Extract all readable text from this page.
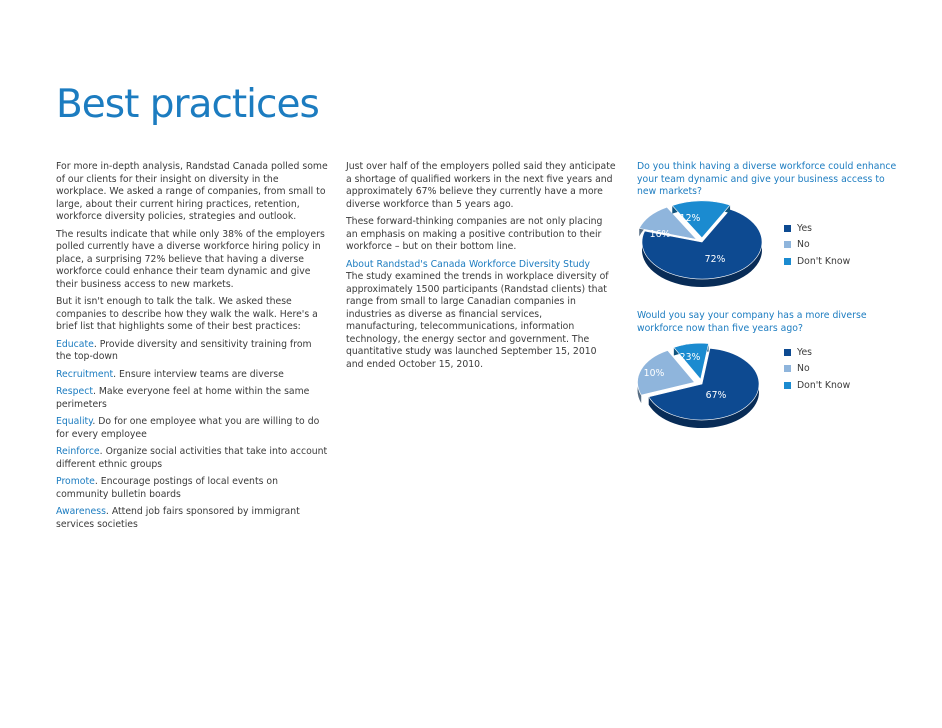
Best practices

For more in-depth analysis, Randstad Canada polled some of our clients for their insight on diversity in the workplace. We asked a range of companies, from small to large, about their current hiring practices, retention, workforce diversity policies, strategies and outlook.

The results indicate that while only 38% of the employers polled currently have a diverse workforce hiring policy in place, a surprising 72% believe that having a diverse workforce could enhance their team dynamic and give their business access to new markets.

But it isn't enough to talk the talk. We asked these companies to describe how they walk the walk. Here's a brief list that highlights some of their best practices:

Educate. Provide diversity and sensitivity training from the top-down

Recruitment. Ensure interview teams are diverse

Respect. Make everyone feel at home within the same perimeters

Equality. Do for one employee what you are willing to do for every employee

Reinforce. Organize social activities that take into account different ethnic groups

Promote. Encourage postings of local events on community bulletin boards

Awareness. Attend job fairs sponsored by immigrant services societies

Just over half of the employers polled said they anticipate a shortage of qualified workers in the next five years and approximately 67% believe they currently have a more diverse workforce than 5 years ago.

These forward-thinking companies are not only placing an emphasis on making a positive contribution to their workforce – but on their bottom line.

About Randstad's Canada Workforce Diversity Study

The study examined the trends in workplace diversity of approximately 1500 participants (Randstad clients) that range from small to large Canadian companies in industries as diverse as financial services, manufacturing, telecommunications, information technology, the energy sector and government. The quantitative study was launched September 15, 2010 and ended October 15, 2010.

Do you think having a diverse workforce could enhance your team dynamic and give your business access to new markets?

72%
12%
16%
Yes
No
Don't Know

Would you say your company has a more diverse workforce now than five years ago?

67%
23%
10%
Yes
No
Don't Know
